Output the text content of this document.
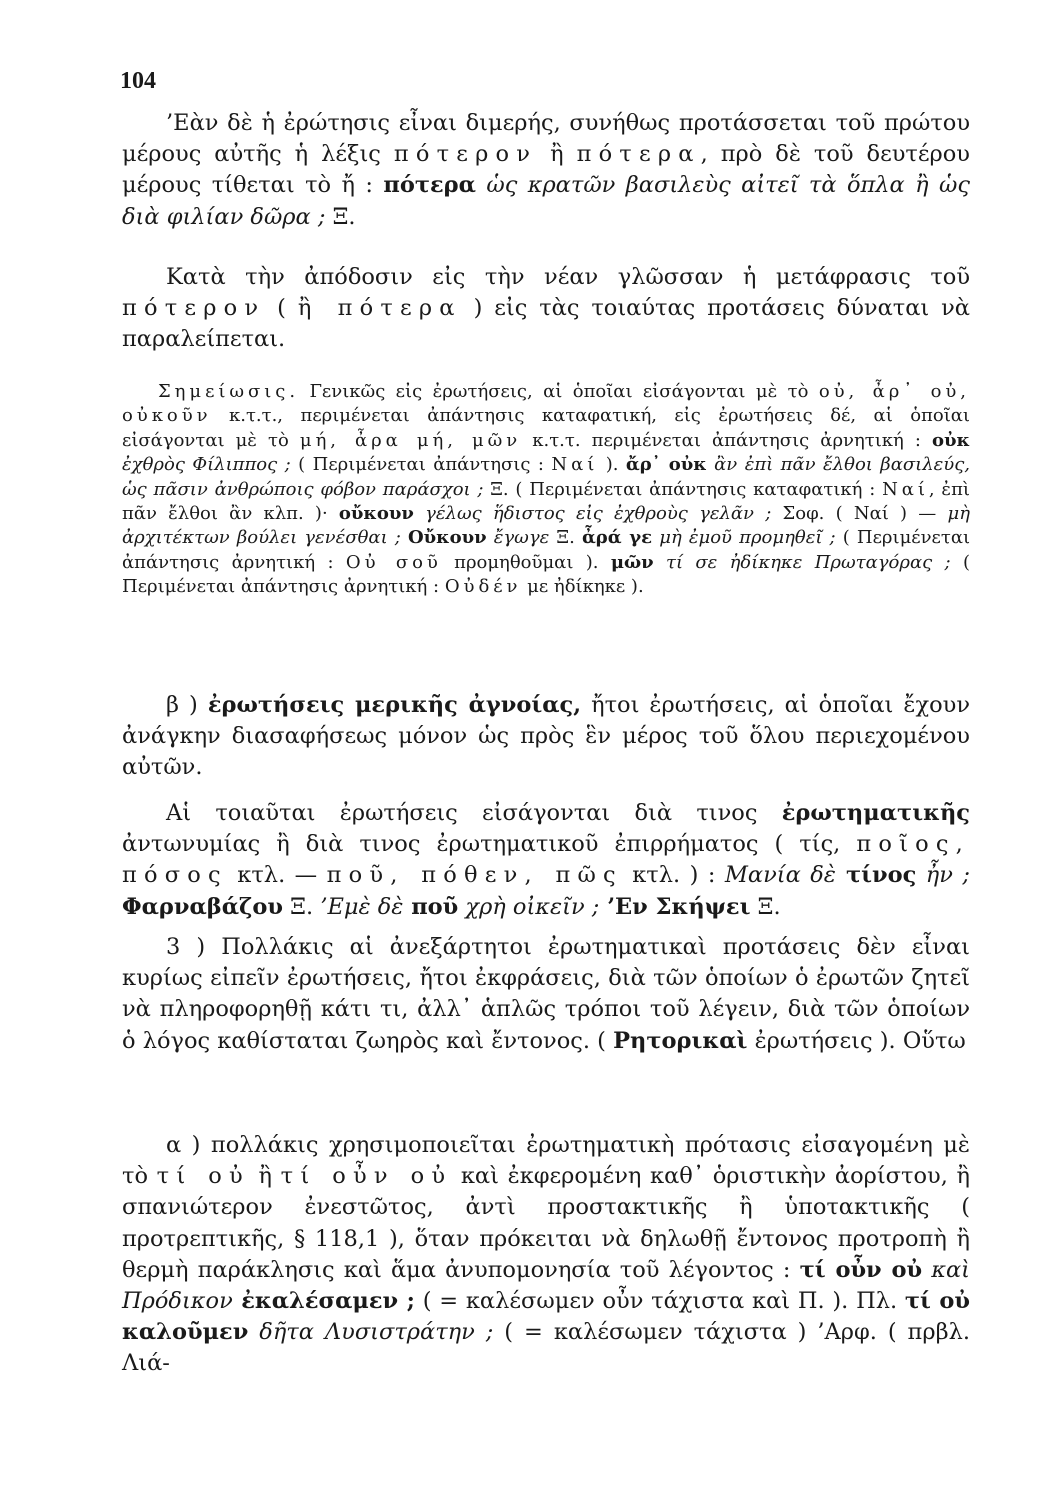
104
’Εὰν δὲ ἡ ἐρώτησις εἶναι διμερής, συνήθως προτάσσεται τοῦ πρώτου μέρους αὐτῆς ἡ λέξις πότερον ἢ πότερα, πρὸ δὲ τοῦ δευτέρου μέρους τίθεται τὸ ἤ : πότερα ὡς κρατῶν βασιλεὺς αἰτεῖ τὰ ὅπλα ἢ ὡς διὰ φιλίαν δῶρα ; Ξ.
Κατὰ τὴν ἀπόδοσιν εἰς τὴν νέαν γλῶσσαν ἡ μετάφρασις τοῦ πότερον ( ἢ πότερα ) εἰς τὰς τοιαύτας προτάσεις δύναται νὰ παραλείπεται.
Σημείωσις. Γενικῶς εἰς ἐρωτήσεις, αἱ ὁποῖαι εἰσάγονται μὲ τὸ οὐ, ἆρ᾽ οὐ, οὐκοῦν κ.τ.τ., περιμένεται ἀπάντησις καταφατική, εἰς ἐρωτήσεις δέ, αἱ ὁποῖαι εἰσάγονται μὲ τὸ μή, ἆρα μή, μῶν κ.τ.τ. περιμένεται ἀπάντησις ἀρνητική : οὐκ ἐχθρὸς Φίλιππος ; ( Περιμένεται ἀπάντησις : Ναί ). ἄρ᾽ οὐκ ἂν ἐπὶ πᾶν ἔλθοι βασιλεύς, ὡς πᾶσιν ἀνθρώποις φόβον παράσχοι ; Ξ. ( Περιμένεται ἀπάντησις καταφατική : Ναί, ἐπὶ πᾶν ἔλθοι ἂν κλπ. )· οὔκουν γέλως ἥδιστος εἰς ἐχθροὺς γελᾶν ; Σοφ. ( Ναί ) — μὴ ἀρχιτέκτων βούλει γενέσθαι ; Οὔκουν ἔγωγε Ξ. ἆρά γε μὴ ἐμοῦ προμηθεῖ ; ( Περιμένεται ἀπάντησις ἀρνητική : Οὐ σοῦ προμηθοῦμαι ). μῶν τί σε ἠδίκηκε Πρωταγόρας ; ( Περιμένεται ἀπάντησις ἀρνητική : Οὐδέν με ἠδίκηκε ).
β ) ἐρωτήσεις μερικῆς ἀγνοίας, ἤτοι ἐρωτήσεις, αἱ ὁποῖαι ἔχουν ἀνάγκην διασαφήσεως μόνον ὡς πρὸς ἓν μέρος τοῦ ὅλου περιεχομένου αὐτῶν.
Αἱ τοιαῦται ἐρωτήσεις εἰσάγονται διὰ τινος ἐρωτηματικῆς ἀντωνυμίας ἢ διὰ τινος ἐρωτηματικοῦ ἐπιρρήματος ( τίς, ποῖος, πόσος κτλ. — ποῦ, πόθεν, πῶς κτλ. ) : Μανία δὲ τίνος ἦν ; Φαρναβάζου Ξ. ’Εμὲ δὲ ποῦ χρὴ οἰκεῖν ; ’Εν Σκήψει Ξ.
3 ) Πολλάκις αἱ ἀνεξάρτητοι ἐρωτηματικαὶ προτάσεις δὲν εἶναι κυρίως εἰπεῖν ἐρωτήσεις, ἤτοι ἐκφράσεις, διὰ τῶν ὁποίων ὁ ἐρωτῶν ζητεῖ νὰ πληροφορηθῇ κάτι τι, ἀλλ᾽ ἁπλῶς τρόποι τοῦ λέγειν, διὰ τῶν ὁποίων ὁ λόγος καθίσταται ζωηρὸς καὶ ἔντονος. ( Ρητορικαὶ ἐρωτήσεις ). Οὕτω
α ) πολλάκις χρησιμοποιεῖται ἐρωτηματικὴ πρότασις εἰσαγομένη μὲ τὸ τί οὐ ἢ τί οὖν οὐ καὶ ἐκφερομένη καθ᾽ ὁριστικὴν ἀορίστου, ἢ σπανιώτερον ἐνεστῶτος, ἀντὶ προστακτικῆς ἢ ὑποτακτικῆς ( προτρεπτικῆς, § 118,1 ), ὅταν πρόκειται νὰ δηλωθῇ ἔντονος προτροπὴ ἢ θερμὴ παράκλησις καὶ ἅμα ἀνυπομονησία τοῦ λέγοντος : τί οὖν οὐ καὶ Πρόδικον ἐκαλέσαμεν ; ( = καλέσωμεν οὖν τάχιστα καὶ Π. ). Πλ. τί οὐ καλοῦμεν δῆτα Λυσιστράτην ; ( = καλέσωμεν τάχιστα ) ’Αρφ. ( πρβλ. Λιά-
